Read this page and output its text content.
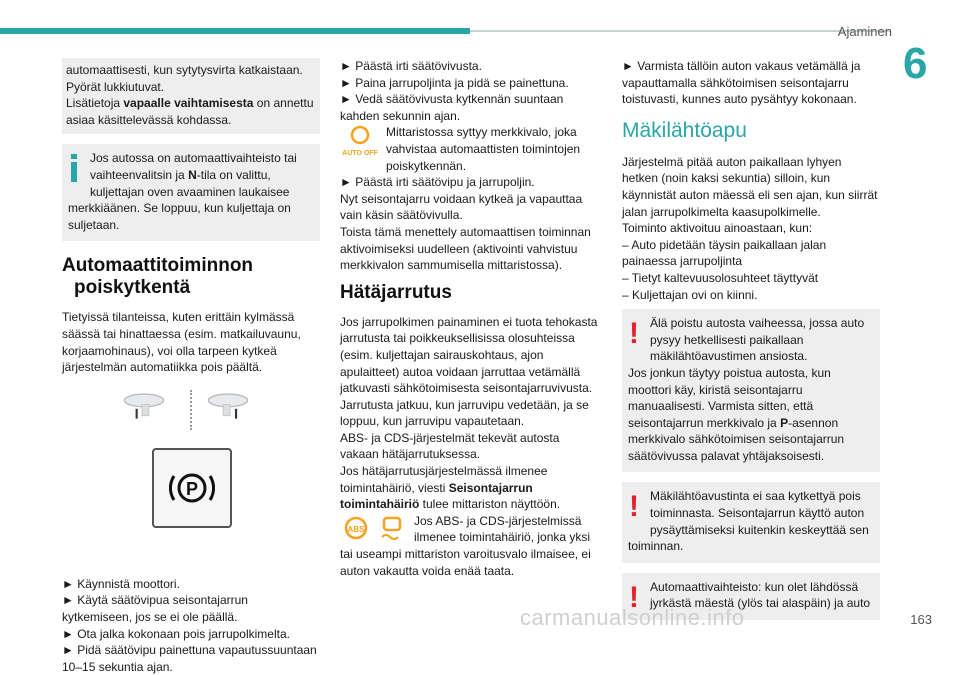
Ajaminen
6
automaattisesti, kun sytytysvirta katkaistaan.
Pyörät lukkiutuvat.
Lisätietoja vapaalle vaihtamisesta on annettu asiaa käsittelevässä kohdassa.
Jos autossa on automaattivaihteisto tai vaihteenvalitsin ja N-tila on valittu, kuljettajan oven avaaminen laukaisee merkkiäänen. Se loppuu, kun kuljettaja on suljetaan.
Automaattitoiminnon
poiskytkentä
Tietyissä tilanteissa, kuten erittäin kylmässä säässä tai hinattaessa (esim. matkailuvaunu, korjaamohinaus), voi olla tarpeen kytkeä järjestelmän automatiikka pois päältä.
P
► Käynnistä moottori.
► Käytä säätövipua seisontajarrun kytkemiseen, jos se ei ole päällä.
► Ota jalka kokonaan pois jarrupolkimelta.
► Pidä säätövipu painettuna vapautussuuntaan 10–15 sekuntia ajan.
► Päästä irti säätövivusta.
► Paina jarrupoljinta ja pidä se painettuna.
► Vedä säätövivusta kytkennän suuntaan kahden sekunnin ajan.
AUTO OFF
Mittaristossa syttyy merkkivalo, joka vahvistaa automaattisten toimintojen poiskytkennän.
► Päästä irti säätövipu ja jarrupoljin.
Nyt seisontajarru voidaan kytkeä ja vapauttaa vain käsin säätövivulla.
Toista tämä menettely automaattisen toiminnan aktivoimiseksi uudelleen (aktivointi vahvistuu merkkivalon sammumisella mittaristossa).
Hätäjarrutus
Jos jarrupolkimen painaminen ei tuota tehokasta jarrutusta tai poikkeuksellisissa olosuhteissa (esim. kuljettajan sairauskohtaus, ajon apulaitteet) autoa voidaan jarruttaa vetämällä jatkuvasti sähkötoimisesta seisontajarruvivusta. Jarrutusta jatkuu, kun jarruvipu vedetään, ja se loppuu, kun jarruvipu vapautetaan.
ABS- ja CDS-järjestelmät tekevät autosta vakaan hätäjarrutuksessa.
Jos hätäjarrutusjärjestelmässä ilmenee toimintahäiriö, viesti Seisontajarrun toimintahäiriö tulee mittariston näyttöön.
ABS
Jos ABS- ja CDS-järjestelmissä ilmenee toimintahäiriö, jonka yksi tai useampi mittariston varoitusvalo ilmaisee, ei auton vakautta voida enää taata.
► Varmista tällöin auton vakaus vetämällä ja vapauttamalla sähkötoimisen seisontajarru toistuvasti, kunnes auto pysähtyy kokonaan.
Mäkilähtöapu
Järjestelmä pitää auton paikallaan lyhyen hetken (noin kaksi sekuntia) silloin, kun käynnistät auton mäessä eli sen ajan, kun siirrät jalan jarrupolkimelta kaasupolkimelle.
Toiminto aktivoituu ainoastaan, kun:
– Auto pidetään täysin paikallaan jalan painaessa jarrupoljinta
– Tietyt kaltevuusolosuhteet täyttyvät
– Kuljettajan ovi on kiinni.
! Älä poistu autosta vaiheessa, jossa auto pysyy hetkellisesti paikallaan mäkilähtöavustimen ansiosta.
Jos jonkun täytyy poistua autosta, kun moottori käy, kiristä seisontajarru manuaalisesti. Varmista sitten, että seisontajarrun merkkivalo ja P-asennon merkkivalo sähkötoimisen seisontajarrun säätövivussa palavat yhtäjaksoisesti.
! Mäkilähtöavustinta ei saa kytkettyä pois toiminnasta. Seisontajarrun käyttö auton pysäyttämiseksi kuitenkin keskeyttää sen toiminnan.
! Automaattivaihteisto: kun olet lähdössä jyrkästä mäestä (ylös tai alaspäin) ja auto
carmanualsonline.info	163
